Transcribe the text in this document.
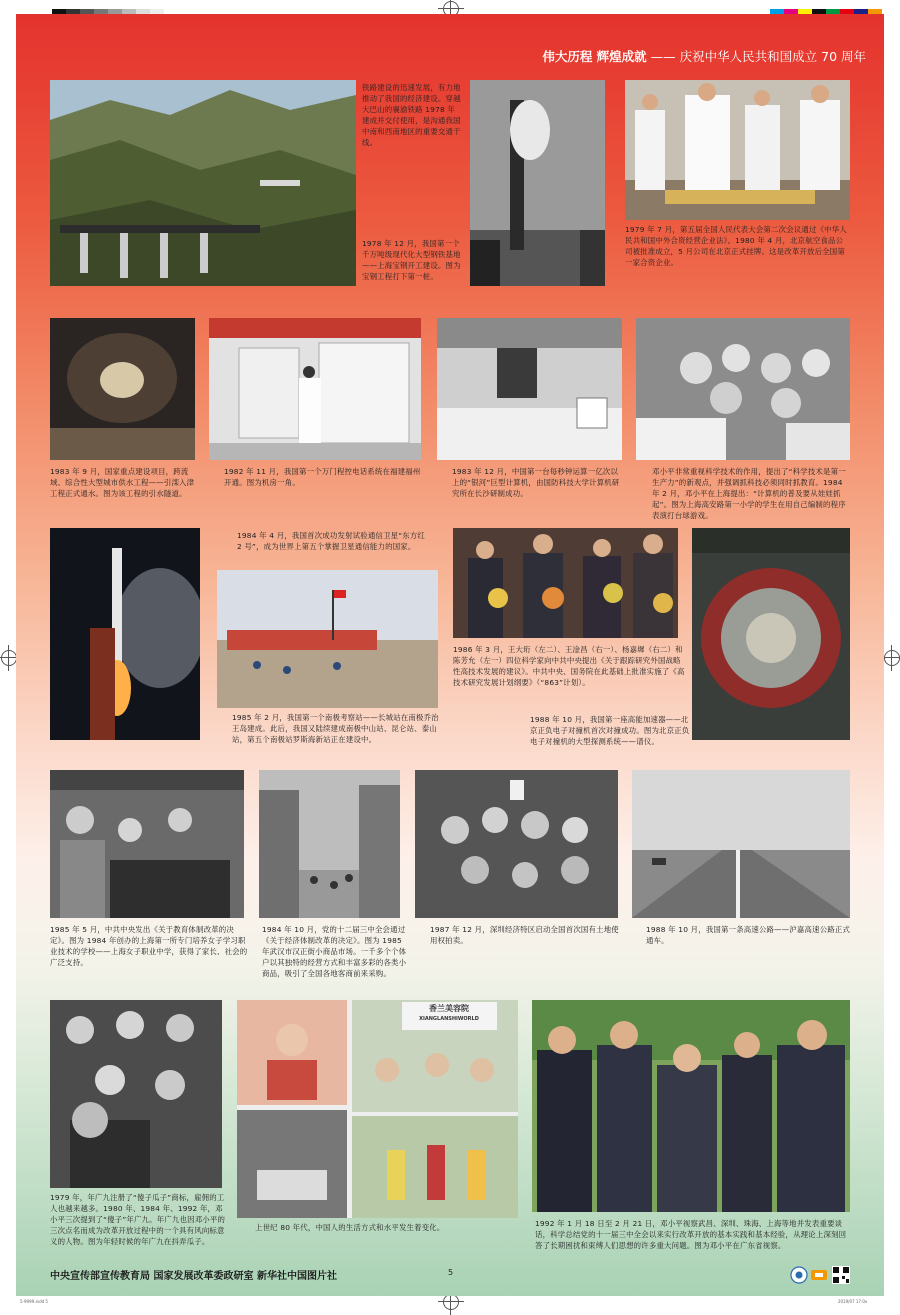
伟大历程 辉煌成就 —— 庆祝中华人民共和国成立 70 周年
铁路建设的迅速发展，有力地推动了我国的经济建设。穿越大巴山的襄渝铁路 1978 年建成并交付使用，是沟通我国中南和西南地区的重要交通干线。
1978 年 12 月，我国第一个千万吨级现代化大型钢铁基地——上海宝钢开工建设。图为宝钢工程打下第一桩。
1979 年 7 月，第五届全国人民代表大会第二次会议通过《中华人民共和国中外合资经营企业法》。1980 年 4 月，北京航空食品公司被批准成立，5 月公司在北京正式挂牌。这是改革开放后全国第一家合资企业。
1983 年 9 月，国家重点建设项目，跨流域、综合性大型城市供水工程——引滦入津工程正式通水。图为该工程的引水隧道。
1982 年 11 月，我国第一个万门程控电话系统在福建福州开通。图为机房一角。
1983 年 12 月，中国第一台每秒钟运算一亿次以上的“银河”巨型计算机，由国防科技大学计算机研究所在长沙研制成功。
邓小平非常重视科学技术的作用，提出了“科学技术是第一生产力”的新观点，并强调抓科技必须同时抓教育。1984 年 2 月，邓小平在上海提出：“计算机的普及要从娃娃抓起”。图为上海高安路第一小学的学生在用自己编制的程序表演打台球游戏。
1984 年 4 月，我国首次成功发射试验通信卫星“东方红 2 号”，成为世界上第五个掌握卫星通信能力的国家。
1985 年 2 月，我国第一个南极考察站——长城站在南极乔治王岛建成。此后，我国又陆续建成南极中山站、昆仑站、泰山站，第五个南极站罗斯海新站正在建设中。
1986 年 3 月，王大珩（左二）、王淦昌（右一）、杨嘉墀（右二）和陈芳允（左一）四位科学家向中共中央提出《关于跟踪研究外国战略性高技术发展的建议》。中共中央、国务院在此基础上批准实施了《高技术研究发展计划纲要》（“863”计划）。
1988 年 10 月，我国第一座高能加速器——北京正负电子对撞机首次对撞成功。图为北京正负电子对撞机的大型探测系统——谱仪。
1985 年 5 月，中共中央发出《关于教育体制改革的决定》。图为 1984 年创办的上海第一所专门培养女子学习职业技术的学校——上海女子职业中学，获得了家长、社会的广泛支持。
1984 年 10 月，党的十二届三中全会通过《关于经济体制改革的决定》。图为 1985 年武汉市汉正街小商品市场。一千多个个体户以其独特的经营方式和丰富多彩的各类小商品，吸引了全国各地客商前来采购。
1987 年 12 月，深圳经济特区启动全国首次国有土地使用权拍卖。
1988 年 10 月，我国第一条高速公路——沪嘉高速公路正式通车。
香兰美容院
XIANGLANSHIWORLD
1979 年，年广九注册了“傻子瓜子”商标，雇佣的工人也越来越多。1980 年、1984 年、1992 年，邓小平三次提到了“傻子”年广九。年广九也因邓小平的三次点名而成为改革开放过程中的一个具有风向标意义的人物。图为年轻时候的年广九在抖弄瓜子。
上世纪 80 年代，中国人的生活方式和水平发生着变化。	1992 年 1 月 18 日至 2 月 21 日，邓小平视察武昌、深圳、珠海、上海等地并发表重要谈话，科学总结党的十一届三中全会以来实行改革开放的基本实践和基本经验，从理论上深刻回答了长期困扰和束缚人们思想的许多重大问题。图为邓小平在广东省视察。
中央宣传部宣传教育局 国家发展改革委政研室 新华社中国图片社	5
5-9999.indd 5	2019/07 17:0x
